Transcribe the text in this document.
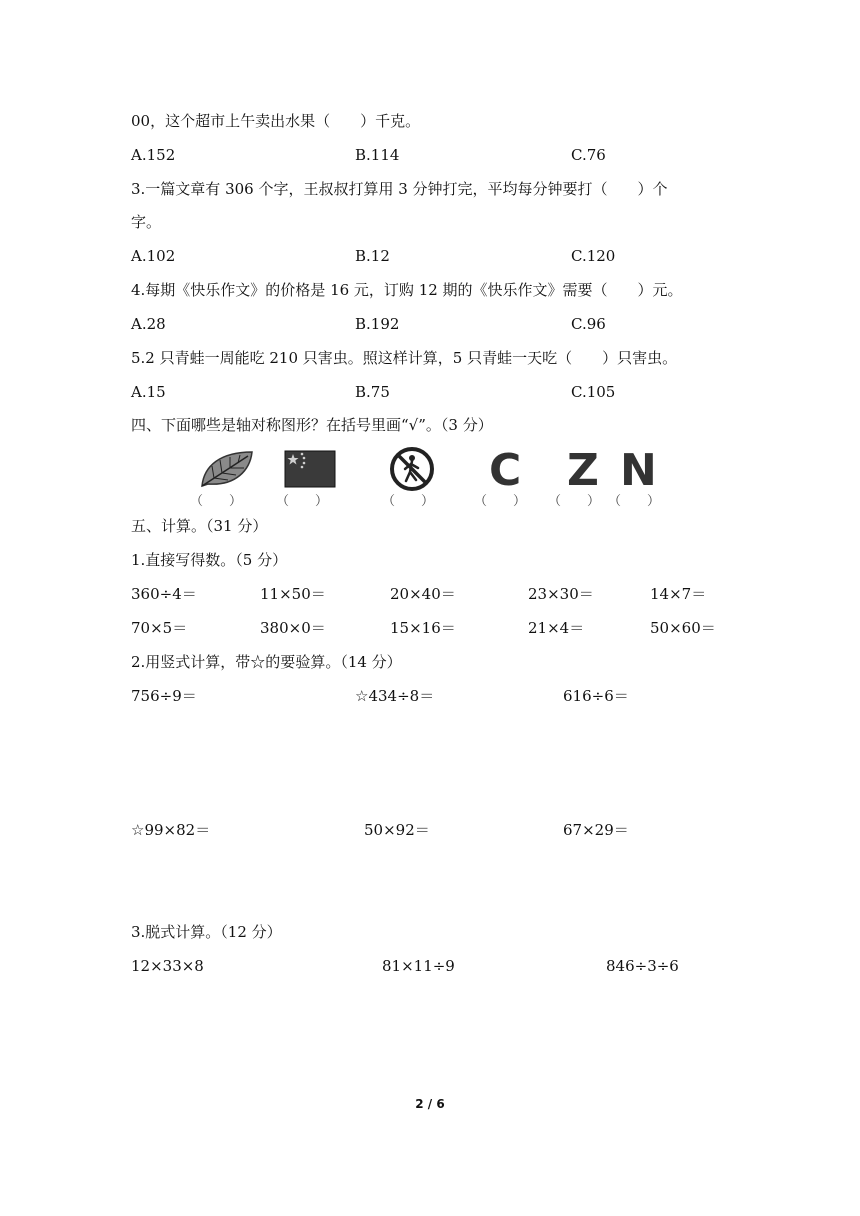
00，这个超市上午卖出水果（　　）千克。
A.152	B.114	C.76
3.一篇文章有 306 个字，王叔叔打算用 3 分钟打完，平均每分钟要打（　　）个
字。
A.102	B.12	C.120
4.每期《快乐作文》的价格是 16 元，订购 12 期的《快乐作文》需要（　　）元。
A.28	B.192	C.96
5.2 只青蛙一周能吃 210 只害虫。照这样计算，5 只青蛙一天吃（　　）只害虫。
A.15	B.75	C.105
四、下面哪些是轴对称图形？在括号里画“√”。（3 分）
C Z N
（　　）	（　　）	（　　）	（　　） （　　） （　　）
五、计算。（31 分）
1.直接写得数。（5 分）
360÷4＝	11×50＝	20×40＝	23×30＝	14×7＝
70×5＝	380×0＝	15×16＝	21×4＝	50×60＝
2.用竖式计算，带☆的要验算。（14 分）
756÷9＝	☆434÷8＝	616÷6＝
☆99×82＝	50×92＝	67×29＝
3.脱式计算。（12 分）
12×33×8	81×11÷9	846÷3÷6
2 / 6
